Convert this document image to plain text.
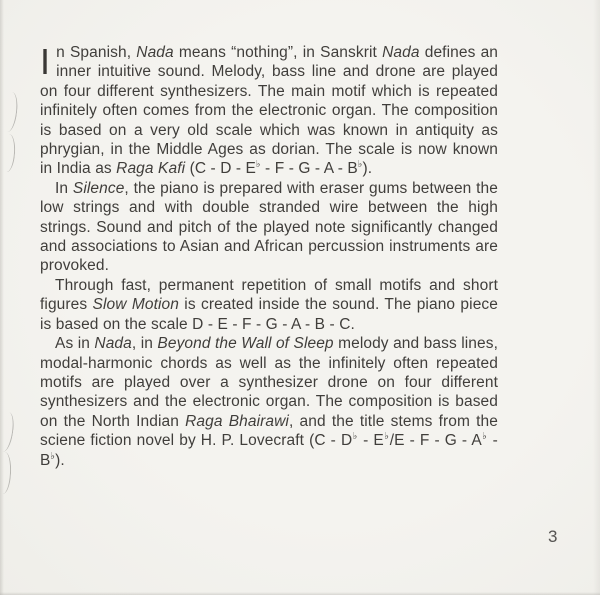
In Spanish, Nada means “nothing”, in Sanskrit Nada defines an inner intuitive sound. Melody, bass line and drone are played on four different synthesizers. The main motif which is repeated infinitely often comes from the electronic organ. The composition is based on a very old scale which was known in antiquity as phrygian, in the Middle Ages as dorian. The scale is now known in India as Raga Kafi (C - D - E♭ - F - G - A - B♭).

In Silence, the piano is prepared with eraser gums between the low strings and with double stranded wire between the high strings. Sound and pitch of the played note significantly changed and associations to Asian and African percussion instruments are provoked.

Through fast, permanent repetition of small motifs and short figures Slow Motion is created inside the sound. The piano piece is based on the scale D - E - F - G - A - B - C.

As in Nada, in Beyond the Wall of Sleep melody and bass lines, modal-harmonic chords as well as the infinitely often repeated motifs are played over a synthesizer drone on four different synthesizers and the electronic organ. The composition is based on the North Indian Raga Bhairawi, and the title stems from the sciene fiction novel by H. P. Lovecraft (C - D♭ - E♭/E - F - G - A♭ - B♭).

3
